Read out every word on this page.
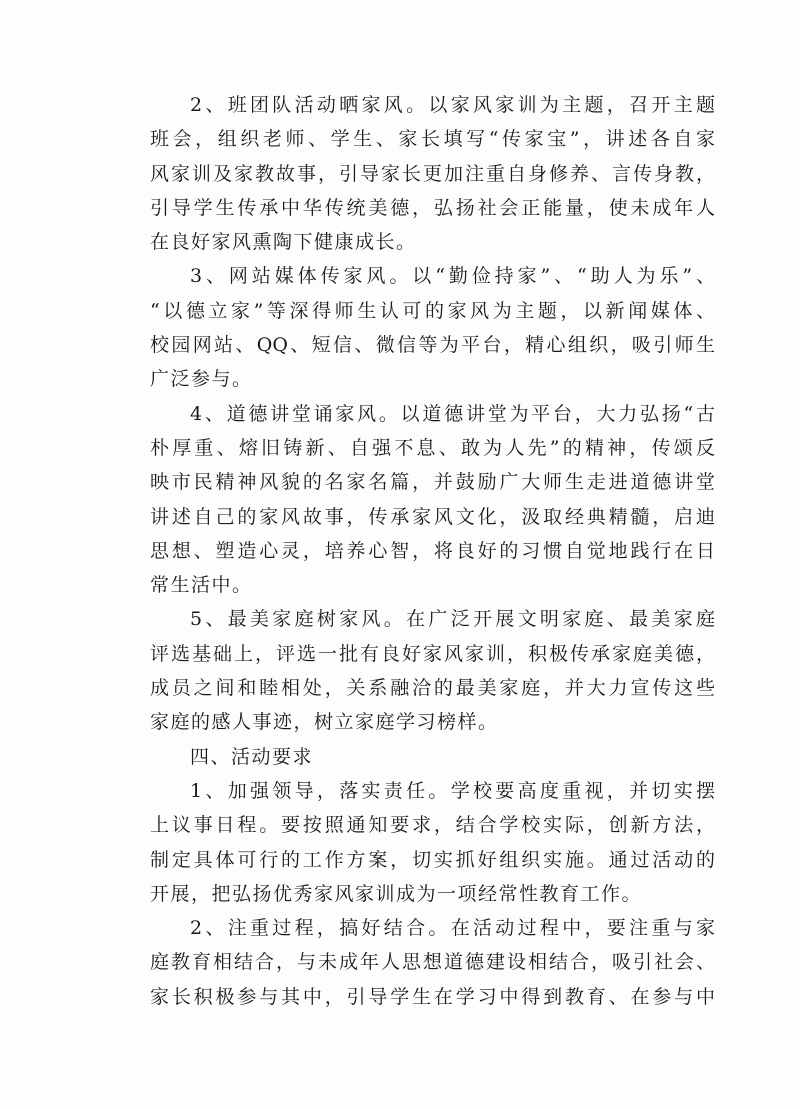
2、班团队活动晒家风。以家风家训为主题，召开主题
班会，组织老师、学生、家长填写“传家宝”，讲述各自家
风家训及家教故事，引导家长更加注重自身修养、言传身教，
引导学生传承中华传统美德，弘扬社会正能量，使未成年人
在良好家风熏陶下健康成长。
3、网站媒体传家风。以“勤俭持家”、“助人为乐”、
“以德立家”等深得师生认可的家风为主题，以新闻媒体、
校园网站、QQ、短信、微信等为平台，精心组织，吸引师生
广泛参与。
4、道德讲堂诵家风。以道德讲堂为平台，大力弘扬“古
朴厚重、熔旧铸新、自强不息、敢为人先”的精神，传颂反
映市民精神风貌的名家名篇，并鼓励广大师生走进道德讲堂
讲述自己的家风故事，传承家风文化，汲取经典精髓，启迪
思想、塑造心灵，培养心智，将良好的习惯自觉地践行在日
常生活中。
5、最美家庭树家风。在广泛开展文明家庭、最美家庭
评选基础上，评选一批有良好家风家训，积极传承家庭美德，
成员之间和睦相处，关系融洽的最美家庭，并大力宣传这些
家庭的感人事迹，树立家庭学习榜样。
四、活动要求
1、加强领导，落实责任。学校要高度重视，并切实摆
上议事日程。要按照通知要求，结合学校实际，创新方法，
制定具体可行的工作方案，切实抓好组织实施。通过活动的
开展，把弘扬优秀家风家训成为一项经常性教育工作。
2、注重过程，搞好结合。在活动过程中，要注重与家
庭教育相结合，与未成年人思想道德建设相结合，吸引社会、
家长积极参与其中，引导学生在学习中得到教育、在参与中
